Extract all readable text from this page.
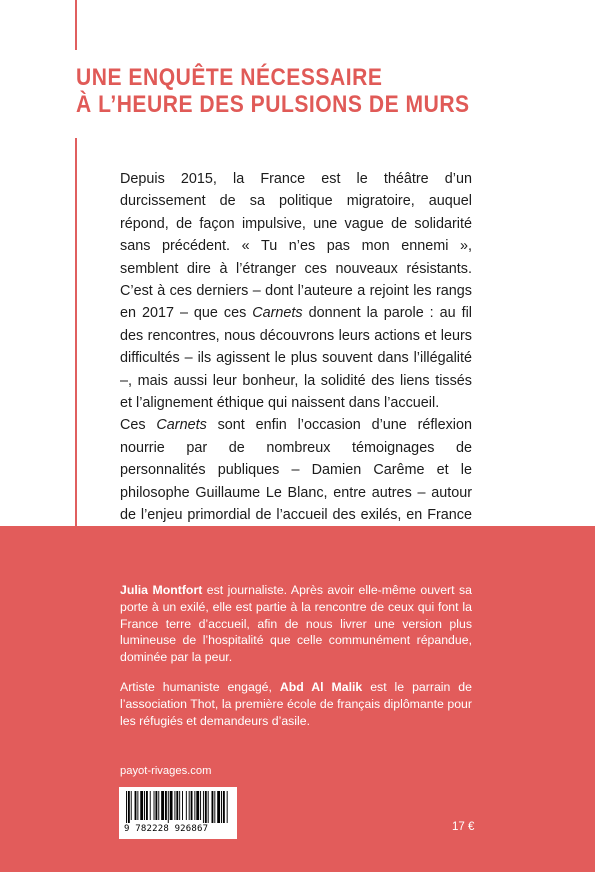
UNE ENQUÊTE NÉCESSAIRE
À L’HEURE DES PULSIONS DE MURS

Depuis 2015, la France est le théâtre d’un durcissement de sa politique migratoire, auquel répond, de façon impulsive, une vague de solidarité sans précédent. « Tu n’es pas mon ennemi », semblent dire à l’étranger ces nouveaux résistants. C’est à ces derniers – dont l’auteure a rejoint les rangs en 2017 – que ces Carnets donnent la parole : au fil des rencontres, nous découvrons leurs actions et leurs difficultés – ils agissent le plus souvent dans l’illégalité –, mais aussi leur bonheur, la solidité des liens tissés et l’alignement éthique qui naissent dans l’accueil.

Ces Carnets sont enfin l’occasion d’une réflexion nourrie par de nombreux témoignages de personnalités publiques – Damien Carême et le philosophe Guillaume Le Blanc, entre autres – autour de l’enjeu primordial de l’accueil des exilés, en France

Julia Montfort est journaliste. Après avoir elle-même ouvert sa porte à un exilé, elle est partie à la rencontre de ceux qui font la France terre d’accueil, afin de nous livrer une version plus lumineuse de l’hospitalité que celle communément répandue, dominée par la peur.

Artiste humaniste engagé, Abd Al Malik est le parrain de l’association Thot, la première école de français diplômante pour les réfugiés et demandeurs d’asile.

payot-rivages.com
9 782228 926867	17 €
